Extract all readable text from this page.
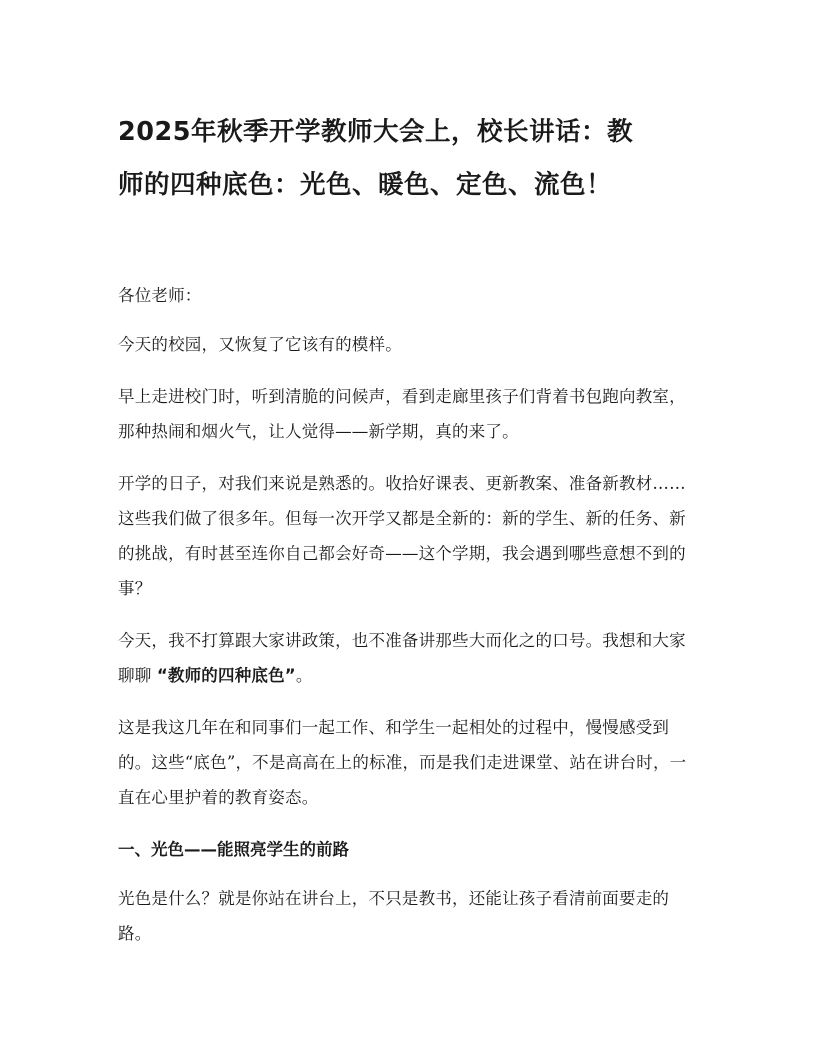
2025年秋季开学教师大会上，校长讲话：教
师的四种底色：光色、暖色、定色、流色！

各位老师：

今天的校园，又恢复了它该有的模样。

早上走进校门时，听到清脆的问候声，看到走廊里孩子们背着书包跑向教室，那种热闹和烟火气，让人觉得——新学期，真的来了。

开学的日子，对我们来说是熟悉的。收拾好课表、更新教案、准备新教材……这些我们做了很多年。但每一次开学又都是全新的：新的学生、新的任务、新的挑战，有时甚至连你自己都会好奇——这个学期，我会遇到哪些意想不到的事？

今天，我不打算跟大家讲政策，也不准备讲那些大而化之的口号。我想和大家聊聊 “教师的四种底色”。

这是我这几年在和同事们一起工作、和学生一起相处的过程中，慢慢感受到的。这些“底色”，不是高高在上的标准，而是我们走进课堂、站在讲台时，一直在心里护着的教育姿态。

一、光色——能照亮学生的前路

光色是什么？就是你站在讲台上，不只是教书，还能让孩子看清前面要走的路。
